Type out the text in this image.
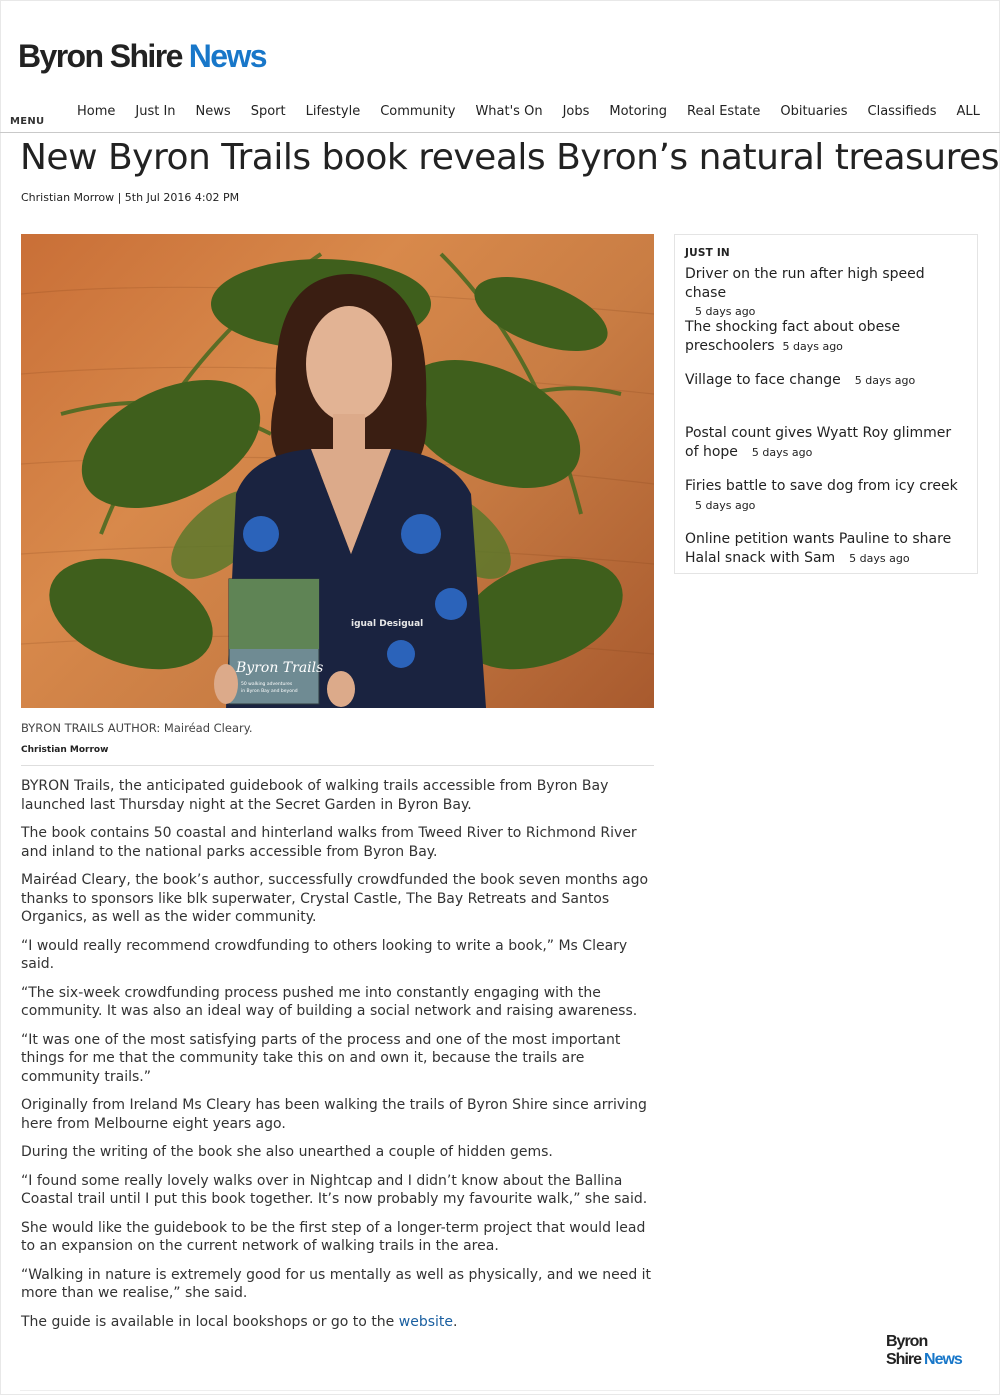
Byron Shire News
MENU
Home	Just In	News	Sport	Lifestyle	Community	What's On	Jobs	Motoring	Real Estate	Obituaries	Classifieds	ALL
New Byron Trails book reveals Byron’s natural treasures
Christian Morrow | 5th Jul 2016 4:02 PM
igual Desigual
Byron Trails
50 walking adventures
in Byron Bay and beyond
BYRON TRAILS AUTHOR: Mairéad Cleary.
Christian Morrow

BYRON Trails, the anticipated guidebook of walking trails accessible from Byron Bay launched last Thursday night at the Secret Garden in Byron Bay.

The book contains 50 coastal and hinterland walks from Tweed River to Richmond River and inland to the national parks accessible from Byron Bay.

Mairéad Cleary, the book’s author, successfully crowdfunded the book seven months ago thanks to sponsors like blk superwater, Crystal Castle, The Bay Retreats and Santos Organics, as well as the wider community.

“I would really recommend crowdfunding to others looking to write a book,” Ms Cleary said.

“The six-week crowdfunding process pushed me into constantly engaging with the community. It was also an ideal way of building a social network and raising awareness.

“It was one of the most satisfying parts of the process and one of the most important things for me that the community take this on and own it, because the trails are community trails.”

Originally from Ireland Ms Cleary has been walking the trails of Byron Shire since arriving here from Melbourne eight years ago.

During the writing of the book she also unearthed a couple of hidden gems.

“I found some really lovely walks over in Nightcap and I didn’t know about the Ballina Coastal trail until I put this book together. It’s now probably my favourite walk,” she said.

She would like the guidebook to be the first step of a longer-term project that would lead to an expansion on the current network of walking trails in the area.

“Walking in nature is extremely good for us mentally as well as physically, and we need it more than we realise,” she said.

The guide is available in local bookshops or go to the website.

JUST IN
Driver on the run after high speed chase
5 days ago
The shocking fact about obese preschoolers 5 days ago
Village to face change 5 days ago
Postal count gives Wyatt Roy glimmer of hope 5 days ago
Firies battle to save dog from icy creek
5 days ago
Online petition wants Pauline to share Halal snack with Sam 5 days ago
Byron Shire News
